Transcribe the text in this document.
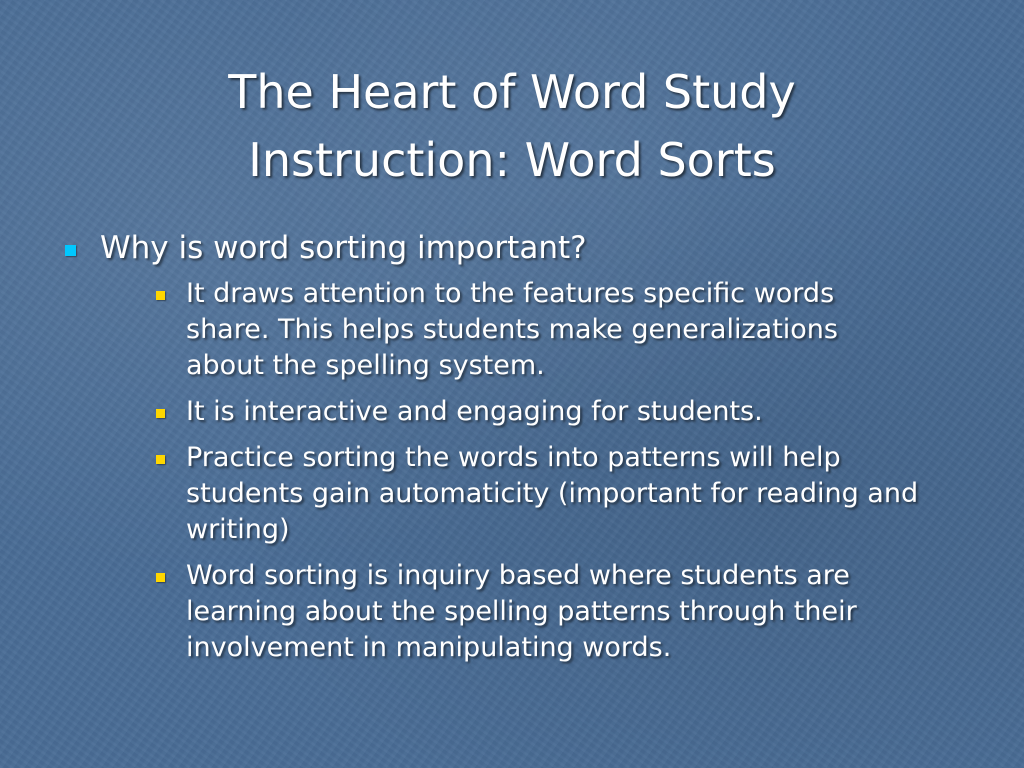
The Heart of Word Study
Instruction: Word Sorts
Why is word sorting important?
It draws attention to the features specific words
share. This helps students make generalizations
about the spelling system.
It is interactive and engaging for students.
Practice sorting the words into patterns will help
students gain automaticity (important for reading and
writing)
Word sorting is inquiry based where students are
learning about the spelling patterns through their
involvement in manipulating words.
